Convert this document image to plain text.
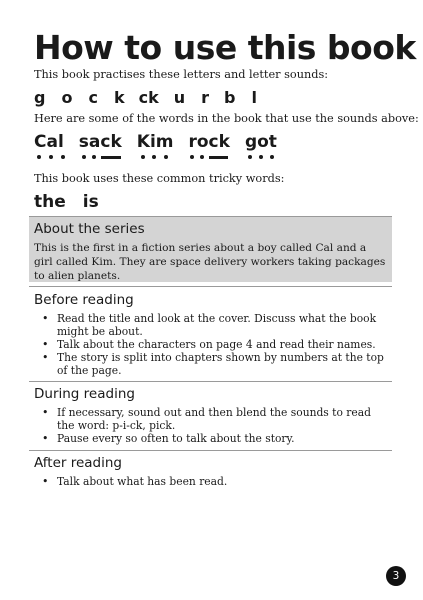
How to use this book

This book practises these letters and letter sounds:

g o c k ck u r b l

Here are some of the words in the book that use the sounds above:

Cal sack Kim rock got

This book uses these common tricky words:

the is
About the series

This is the first in a fiction series about a boy called Cal and a girl called Kim. They are space delivery workers taking packages to alien planets.

Before reading
• Read the title and look at the cover. Discuss what the book might be about.
• Talk about the characters on page 4 and read their names.
• The story is split into chapters shown by numbers at the top of the page.
During reading
• If necessary, sound out and then blend the sounds to read the word: p-i-ck, pick.
• Pause every so often to talk about the story.
After reading
• Talk about what has been read.
3
